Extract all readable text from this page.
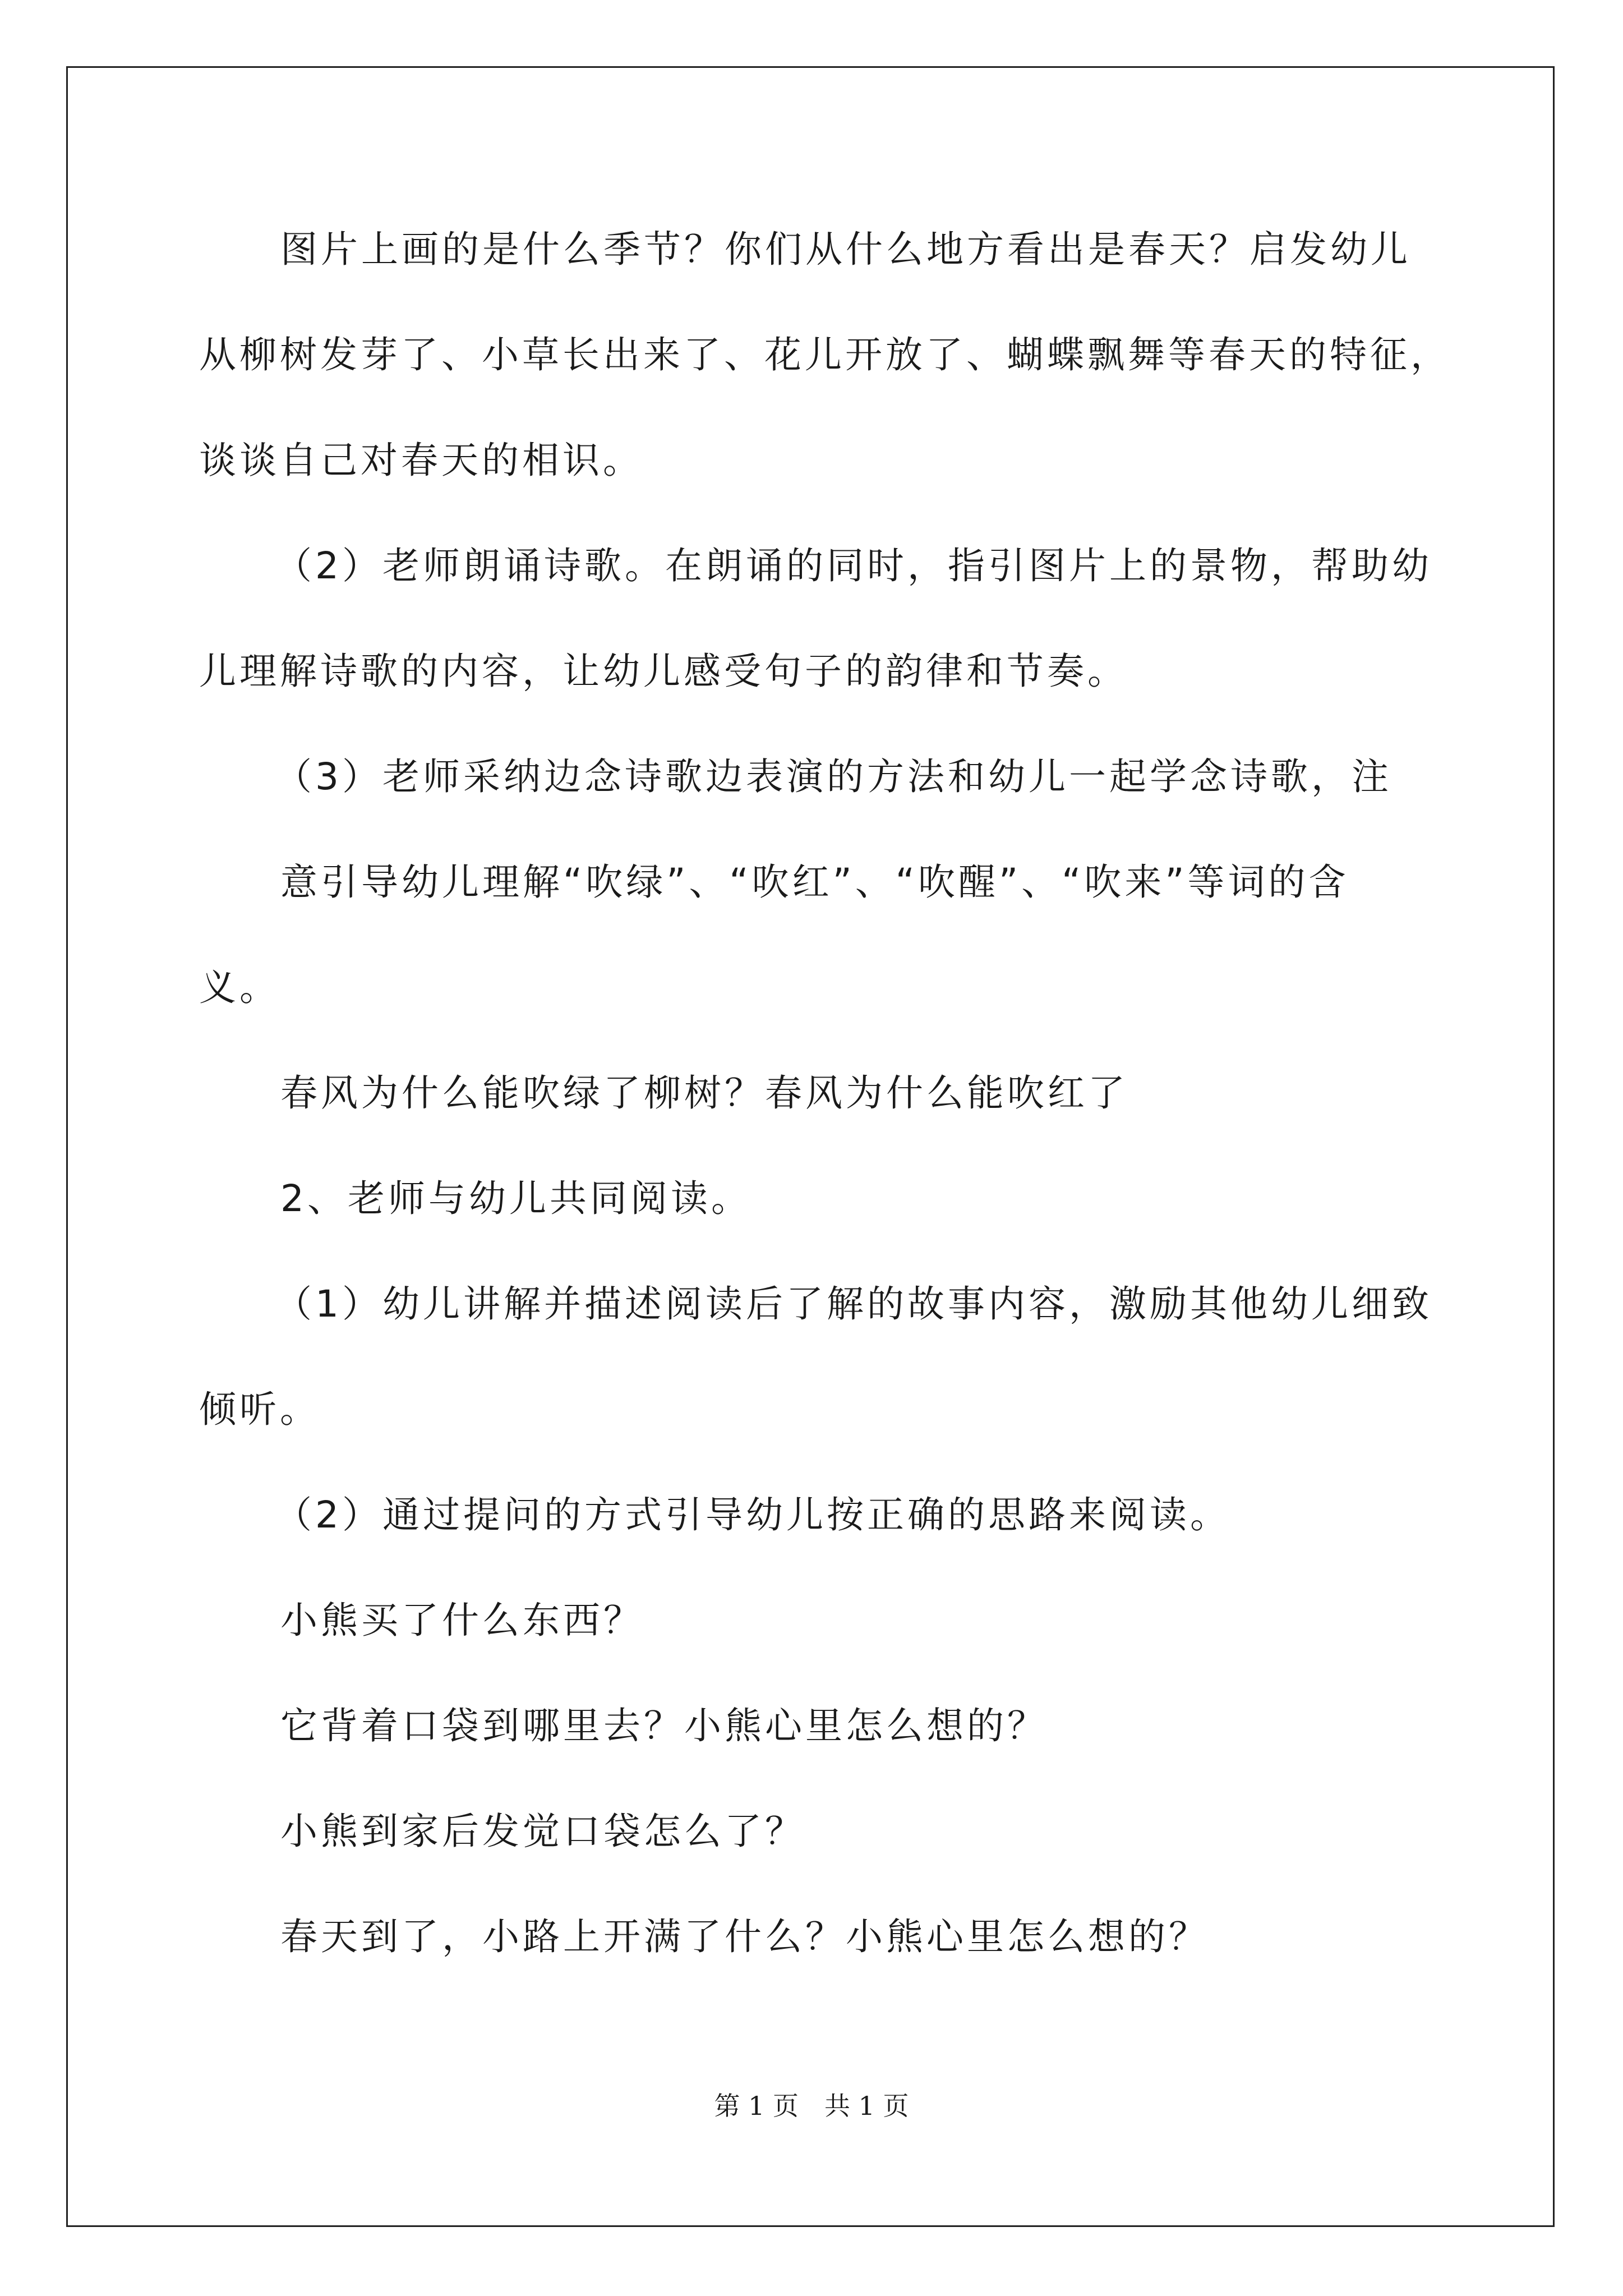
图片上画的是什么季节？你们从什么地方看出是春天？启发幼儿
从柳树发芽了、小草长出来了、花儿开放了、蝴蝶飘舞等春天的特征，
谈谈自己对春天的相识。
（2）老师朗诵诗歌。在朗诵的同时，指引图片上的景物，帮助幼
儿理解诗歌的内容，让幼儿感受句子的韵律和节奏。
（3）老师采纳边念诗歌边表演的方法和幼儿一起学念诗歌，注
意引导幼儿理解“吹绿”、“吹红”、“吹醒”、“吹来”等词的含
义。
春风为什么能吹绿了柳树？春风为什么能吹红了
2、老师与幼儿共同阅读。
（1）幼儿讲解并描述阅读后了解的故事内容，激励其他幼儿细致
倾听。
（2）通过提问的方式引导幼儿按正确的思路来阅读。
小熊买了什么东西？
它背着口袋到哪里去？小熊心里怎么想的？
小熊到家后发觉口袋怎么了？
春天到了，小路上开满了什么？小熊心里怎么想的？
第 1 页　共 1 页
